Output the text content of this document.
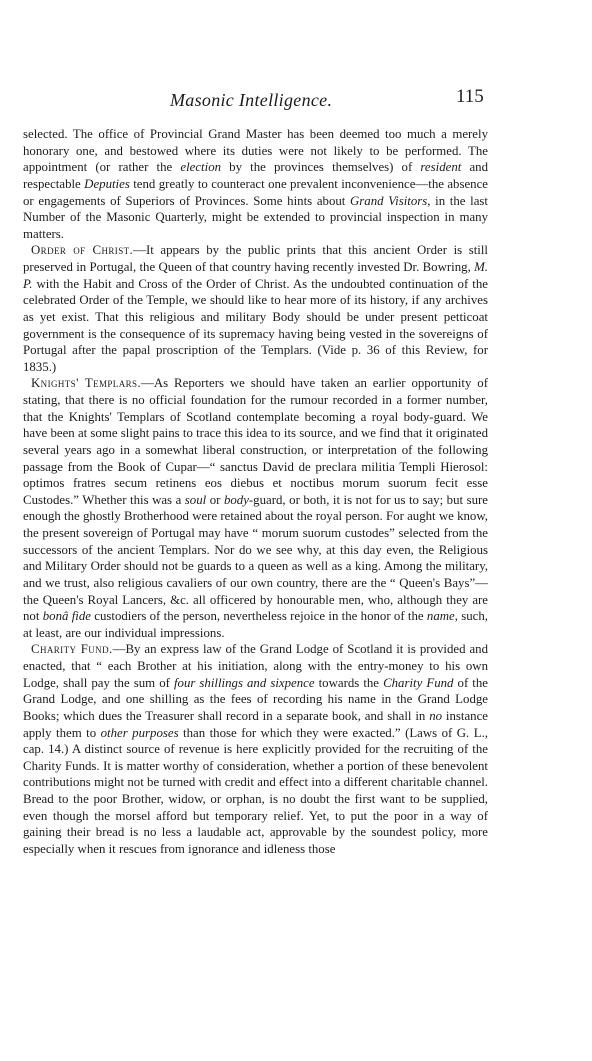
Masonic Intelligence.	115

selected. The office of Provincial Grand Master has been deemed too much a merely honorary one, and bestowed where its duties were not likely to be performed. The appointment (or rather the election by the provinces themselves) of resident and respectable Deputies tend greatly to counteract one prevalent inconvenience—the absence or engagements of Superiors of Provinces. Some hints about Grand Visitors, in the last Number of the Masonic Quarterly, might be extended to provincial inspection in many matters.

Order of Christ.—It appears by the public prints that this ancient Order is still preserved in Portugal, the Queen of that country having recently invested Dr. Bowring, M. P. with the Habit and Cross of the Order of Christ. As the undoubted continuation of the celebrated Order of the Temple, we should like to hear more of its history, if any archives as yet exist. That this religious and military Body should be under present petticoat government is the consequence of its supremacy having being vested in the sovereigns of Portugal after the papal proscription of the Templars. (Vide p. 36 of this Review, for 1835.)

Knights' Templars.—As Reporters we should have taken an earlier opportunity of stating, that there is no official foundation for the rumour recorded in a former number, that the Knights' Templars of Scotland contemplate becoming a royal body-guard. We have been at some slight pains to trace this idea to its source, and we find that it originated several years ago in a somewhat liberal construction, or interpretation of the following passage from the Book of Cupar—“ sanctus David de preclara militia Templi Hierosol: optimos fratres secum retinens eos diebus et noctibus morum suorum fecit esse Custodes.” Whether this was a soul or body-guard, or both, it is not for us to say; but sure enough the ghostly Brotherhood were retained about the royal person. For aught we know, the present sovereign of Portugal may have “ morum suorum custodes” selected from the successors of the ancient Templars. Nor do we see why, at this day even, the Religious and Military Order should not be guards to a queen as well as a king. Among the military, and we trust, also religious cavaliers of our own country, there are the “ Queen's Bays”—the Queen's Royal Lancers, &c. all officered by honourable men, who, although they are not bonâ fide custodiers of the person, nevertheless rejoice in the honor of the name, such, at least, are our individual impressions.

Charity Fund.—By an express law of the Grand Lodge of Scotland it is provided and enacted, that “ each Brother at his initiation, along with the entry-money to his own Lodge, shall pay the sum of four shillings and sixpence towards the Charity Fund of the Grand Lodge, and one shilling as the fees of recording his name in the Grand Lodge Books; which dues the Treasurer shall record in a separate book, and shall in no instance apply them to other purposes than those for which they were exacted.” (Laws of G. L., cap. 14.) A distinct source of revenue is here explicitly provided for the recruiting of the Charity Funds. It is matter worthy of consideration, whether a portion of these benevolent contributions might not be turned with credit and effect into a different charitable channel. Bread to the poor Brother, widow, or orphan, is no doubt the first want to be supplied, even though the morsel afford but temporary relief. Yet, to put the poor in a way of gaining their bread is no less a laudable act, approvable by the soundest policy, more especially when it rescues from ignorance and idleness those
